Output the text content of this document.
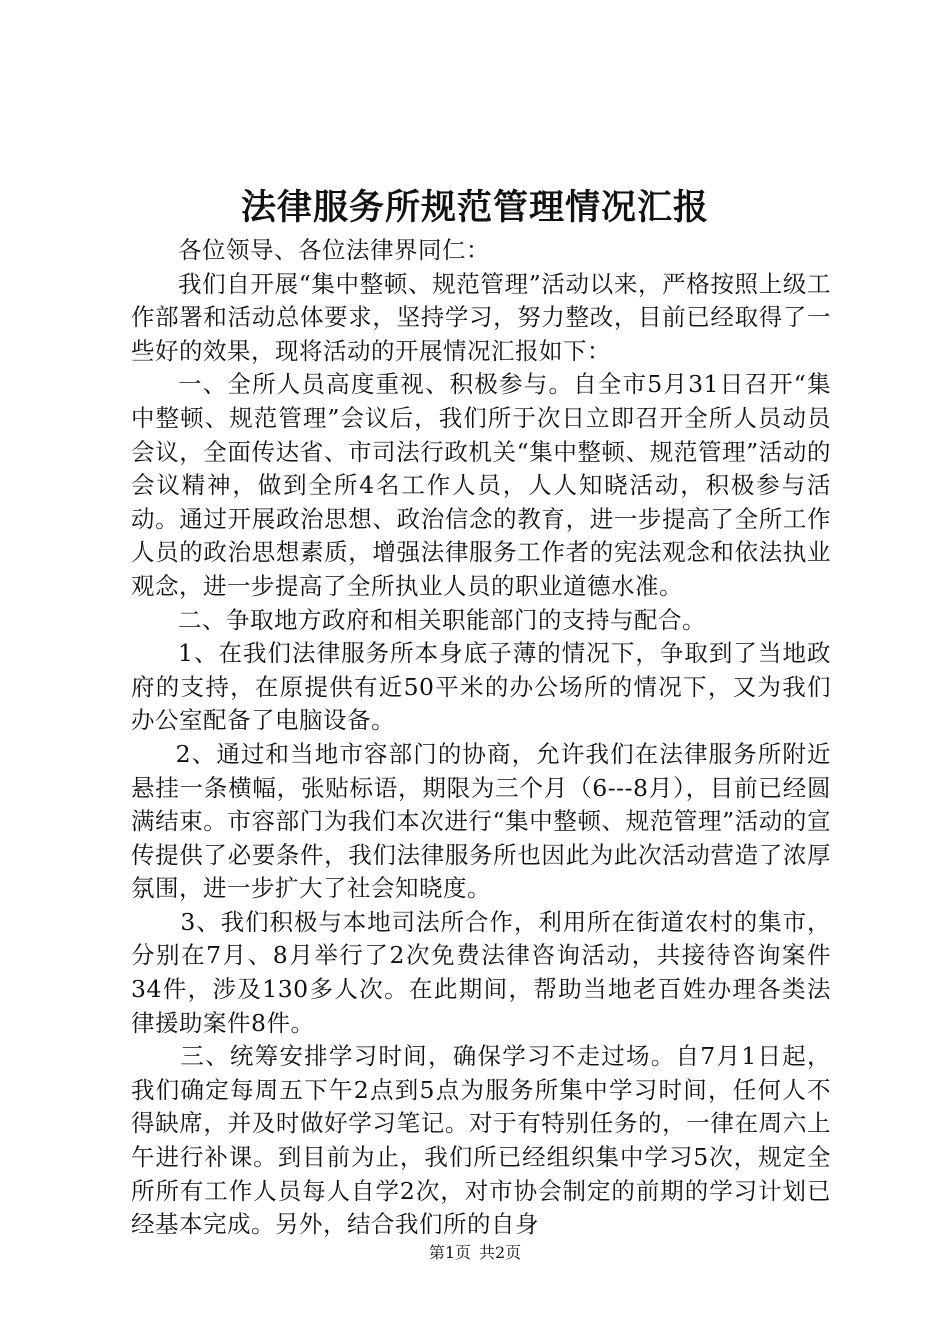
法律服务所规范管理情况汇报

各位领导、各位法律界同仁：

我们自开展“集中整顿、规范管理”活动以来，严格按照上级工作部署和活动总体要求，坚持学习，努力整改，目前已经取得了一些好的效果，现将活动的开展情况汇报如下：

一、全所人员高度重视、积极参与。自全市5月31日召开“集中整顿、规范管理”会议后，我们所于次日立即召开全所人员动员会议，全面传达省、市司法行政机关“集中整顿、规范管理”活动的会议精神，做到全所4名工作人员，人人知晓活动，积极参与活动。通过开展政治思想、政治信念的教育，进一步提高了全所工作人员的政治思想素质，增强法律服务工作者的宪法观念和依法执业观念，进一步提高了全所执业人员的职业道德水准。

二、争取地方政府和相关职能部门的支持与配合。

1、在我们法律服务所本身底子薄的情况下，争取到了当地政府的支持，在原提供有近50平米的办公场所的情况下，又为我们办公室配备了电脑设备。

2、通过和当地市容部门的协商，允许我们在法律服务所附近悬挂一条横幅，张贴标语，期限为三个月（6---8月），目前已经圆满结束。市容部门为我们本次进行“集中整顿、规范管理”活动的宣传提供了必要条件，我们法律服务所也因此为此次活动营造了浓厚氛围，进一步扩大了社会知晓度。

3、我们积极与本地司法所合作，利用所在街道农村的集市，分别在7月、8月举行了2次免费法律咨询活动，共接待咨询案件34件，涉及130多人次。在此期间，帮助当地老百姓办理各类法律援助案件8件。

三、统筹安排学习时间，确保学习不走过场。自7月1日起，我们确定每周五下午2点到5点为服务所集中学习时间，任何人不得缺席，并及时做好学习笔记。对于有特别任务的，一律在周六上午进行补课。到目前为止，我们所已经组织集中学习5次，规定全所所有工作人员每人自学2次，对市协会制定的前期的学习计划已经基本完成。另外，结合我们所的自身

第1页 共2页
